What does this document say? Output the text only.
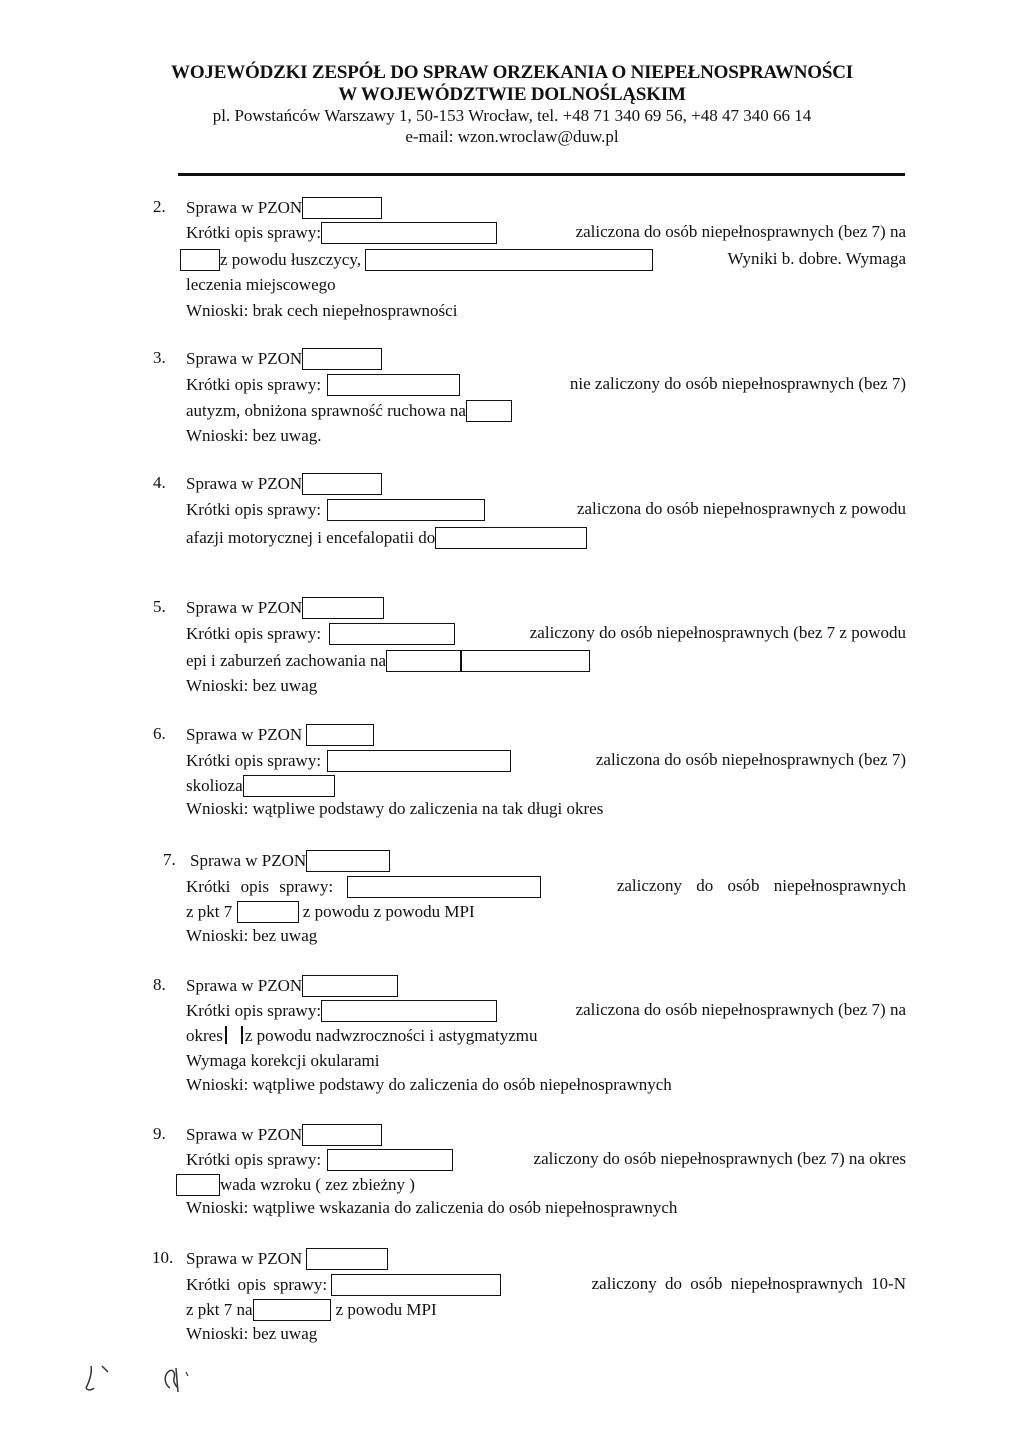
WOJEWÓDZKI ZESPÓŁ DO SPRAW ORZEKANIA O NIEPEŁNOSPRAWNOŚCI
W WOJEWÓDZTWIE DOLNOŚLĄSKIM
pl. Powstańców Warszawy 1, 50-153 Wrocław, tel. +48 71 340 69 56, +48 47 340 66 14
e-mail: wzon.wroclaw@duw.pl
2. Sprawa w PZON
Krótki opis sprawy:	zaliczona do osób niepełnosprawnych (bez 7) na
z powodu łuszczycy,	Wyniki b. dobre. Wymaga
leczenia miejscowego
Wnioski: brak cech niepełnosprawności
3. Sprawa w PZON
Krótki opis sprawy:	nie zaliczony do osób niepełnosprawnych (bez 7)
autyzm, obniżona sprawność ruchowa na
Wnioski: bez uwag.
4. Sprawa w PZON
Krótki opis sprawy:	zaliczona do osób niepełnosprawnych z powodu
afazji motorycznej i encefalopatii do
5. Sprawa w PZON
Krótki opis sprawy:	zaliczony do osób niepełnosprawnych (bez 7 z powodu
epi i zaburzeń zachowania na
Wnioski: bez uwag
6. Sprawa w PZON
Krótki opis sprawy:	zaliczona do osób niepełnosprawnych (bez 7)
skolioza
Wnioski: wątpliwe podstawy do zaliczenia na tak długi okres
7. Sprawa w PZON
Krótki opis sprawy:	zaliczony do osób niepełnosprawnych
z pkt 7	z powodu z powodu MPI
Wnioski: bez uwag
8. Sprawa w PZON
Krótki opis sprawy:	zaliczona do osób niepełnosprawnych (bez 7) na
okres z powodu nadwzroczności i astygmatyzmu
Wymaga korekcji okularami
Wnioski: wątpliwe podstawy do zaliczenia do osób niepełnosprawnych
9. Sprawa w PZON
Krótki opis sprawy:	zaliczony do osób niepełnosprawnych (bez 7) na okres
wada wzroku ( zez zbieżny )
Wnioski: wątpliwe wskazania do zaliczenia do osób niepełnosprawnych
10. Sprawa w PZON
Krótki opis sprawy:	zaliczony do osób niepełnosprawnych 10-N
z pkt 7 na	z powodu MPI
Wnioski: bez uwag
